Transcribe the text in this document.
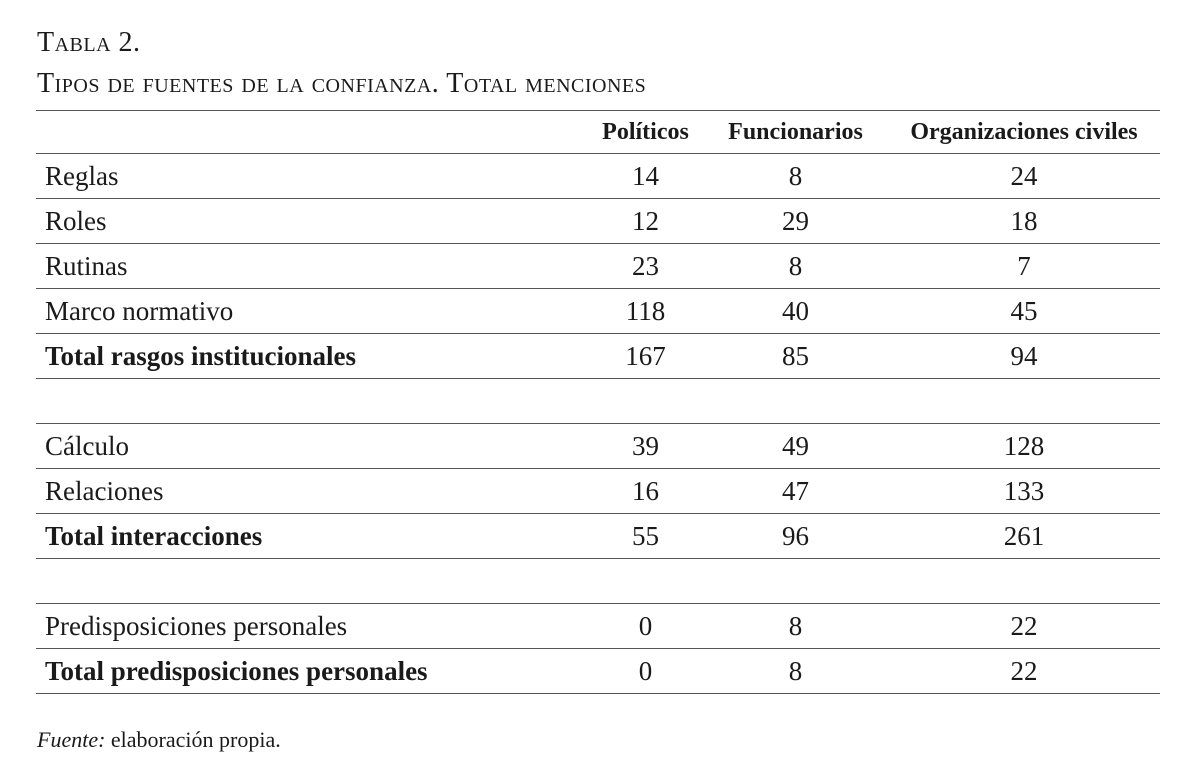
Tabla 2.
Tipos de fuentes de la confianza. Total menciones
	Políticos	Funcionarios	Organizaciones civiles
Reglas	14	8	24
Roles	12	29	18
Rutinas	23	8	7
Marco normativo	118	40	45
Total rasgos institucionales	167	85	94

Cálculo	39	49	128
Relaciones	16	47	133
Total interacciones	55	96	261

Predisposiciones personales	0	8	22
Total predisposiciones personales	0	8	22
Fuente: elaboración propia.
